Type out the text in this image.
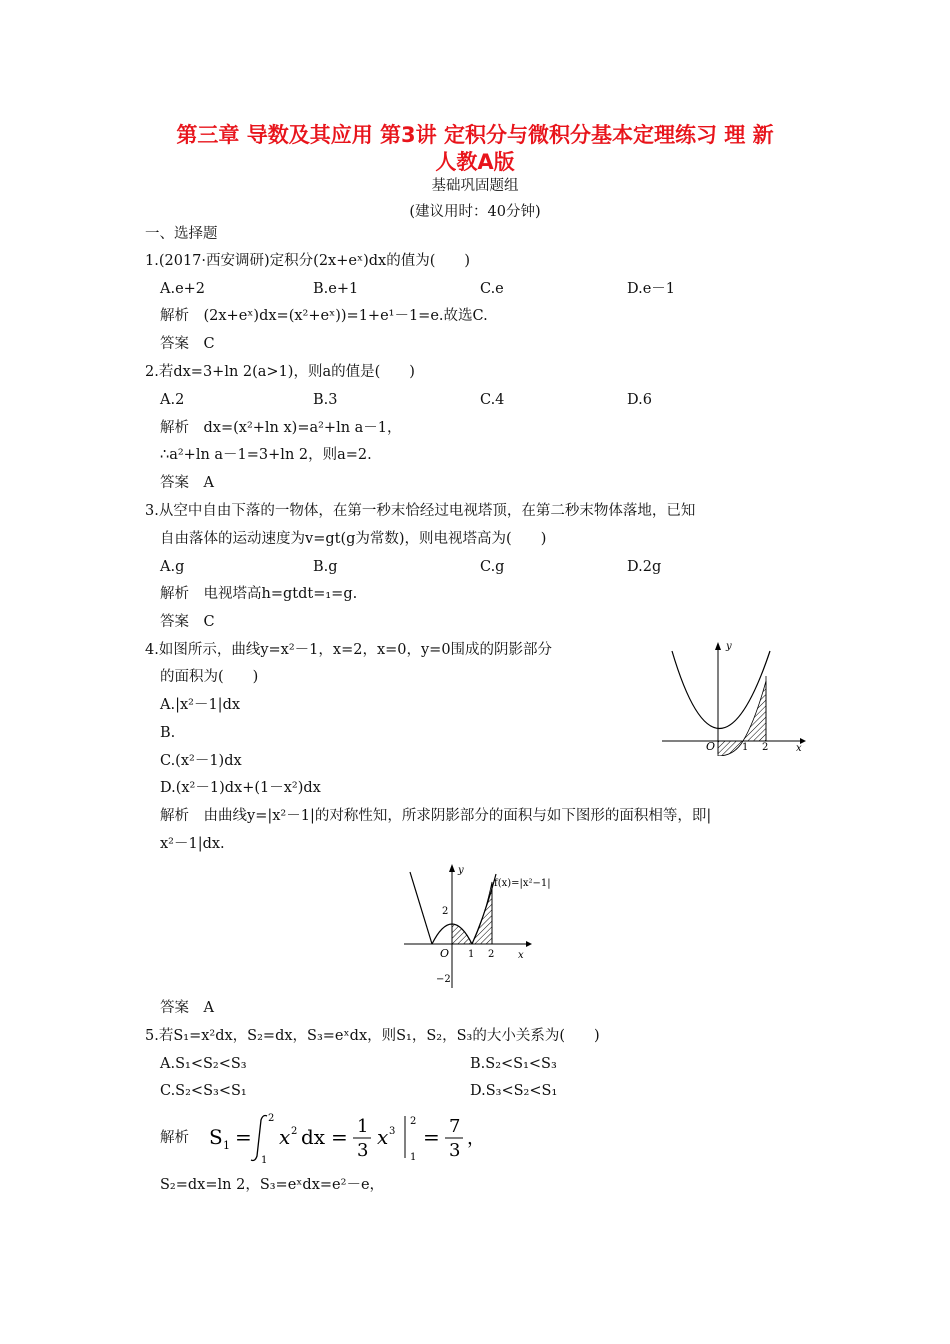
第三章 导数及其应用 第3讲 定积分与微积分基本定理练习 理 新
人教A版
基础巩固题组
(建议用时：40分钟)
一、选择题
1.(2017·西安调研)定积分(2x+eˣ)dx的值为(　　)
A.e+2	B.e+1	C.e	D.e－1
解析　(2x+eˣ)dx=(x²+eˣ))=1+e¹－1=e.故选C.
答案　C
2.若dx=3+ln 2(a>1)，则a的值是(　　)
A.2	B.3	C.4	D.6
解析　dx=(x²+ln x)=a²+ln a－1，
∴a²+ln a－1=3+ln 2，则a=2.
答案　A
3.从空中自由下落的一物体，在第一秒末恰经过电视塔顶，在第二秒末物体落地，已知
自由落体的运动速度为v=gt(g为常数)，则电视塔高为(　　)
A.g	B.g	C.g	D.2g
解析　电视塔高h=gtdt=₁=g.
答案　C
4.如图所示，曲线y=x²－1，x=2，x=0，y=0围成的阴影部分
的面积为(　　)
A.|x²－1|dx
B.
C.(x²－1)dx
D.(x²－1)dx+(1－x²)dx
解析　由曲线y=|x²－1|的对称性知，所求阴影部分的面积与如下图形的面积相等，即|
x²－1|dx.
y
x
O	1 2
y
x
O 1 2
2
−2
f(x)=|x²−1|
答案　A
5.若S₁=x²dx，S₂=dx，S₃=eˣdx，则S₁，S₂，S₃的大小关系为(　　)
A.S₁<S₂<S₃	B.S₂<S₁<S₃
C.S₂<S₃<S₁	D.S₃<S₂<S₁
解析 S 1 =
2
1
x 2 dx = 1
3
x 3
2
1
= 7
3
，
S₂=dx=ln 2，S₃=eˣdx=e²－e，
